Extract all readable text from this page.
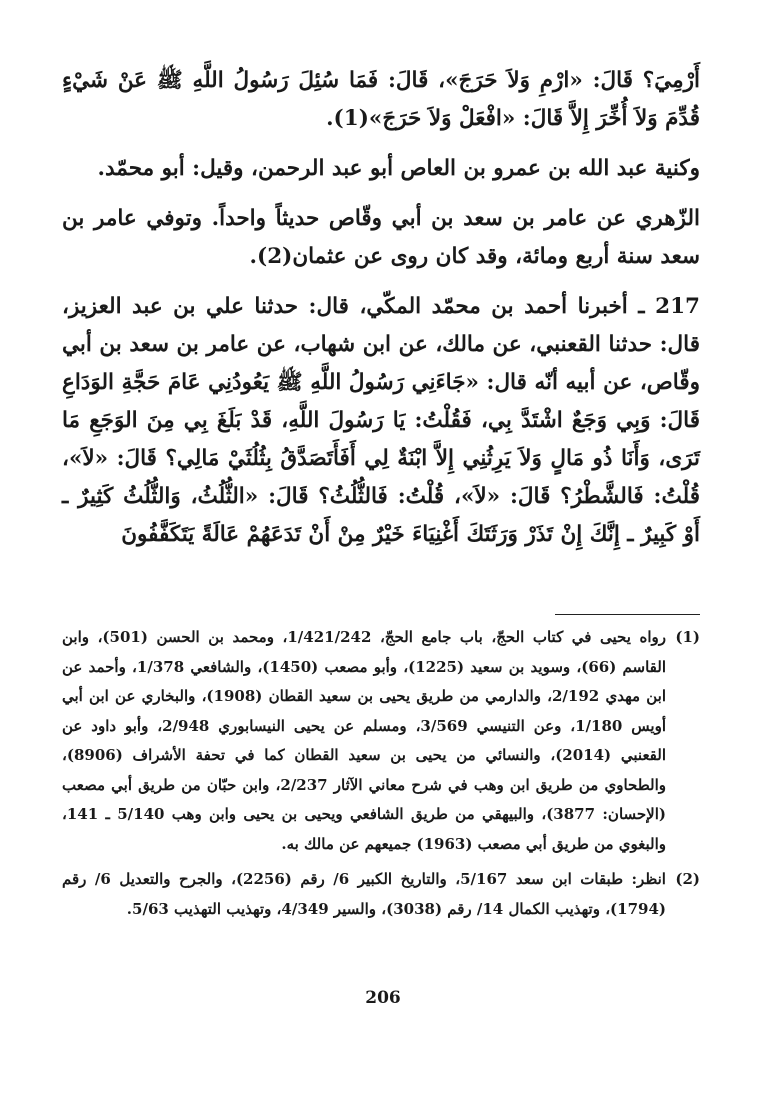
أَرْمِيَ؟ قَالَ: «ارْمِ وَلاَ حَرَجَ»، قَالَ: فَمَا سُئِلَ رَسُولُ اللَّهِ ﷺ عَنْ شَيْءٍ قُدِّمَ وَلاَ أُخِّرَ إِلاَّ قَالَ: «افْعَلْ وَلاَ حَرَجَ»(1).

وكنية عبد الله بن عمرو بن العاص أبو عبد الرحمن، وقيل: أبو محمّد.

الزّهري عن عامر بن سعد بن أبي وقّاص حديثاً واحداً. وتوفي عامر بن سعد سنة أربع ومائة، وقد كان روى عن عثمان(2).

217 ـ أخبرنا أحمد بن محمّد المكّي، قال: حدثنا علي بن عبد العزيز، قال: حدثنا القعنبي، عن مالك، عن ابن شهاب، عن عامر بن سعد بن أبي وقّاص، عن أبيه أنّه قال: «جَاءَنِي رَسُولُ اللَّهِ ﷺ يَعُودُنِي عَامَ حَجَّةِ الوَدَاعِ قَالَ: وَبِي وَجَعٌ اشْتَدَّ بِي، فَقُلْتُ: يَا رَسُولَ اللَّهِ، قَدْ بَلَغَ بِي مِنَ الوَجَعِ مَا تَرَى، وَأَنَا ذُو مَالٍ وَلاَ يَرِثُنِي إِلاَّ ابْنَةٌ لِي أَفَأَتَصَدَّقُ بِثُلُثَيْ مَالِي؟ قَالَ: «لاَ»، قُلْتُ: فَالشَّطْرُ؟ قَالَ: «لاَ»، قُلْتُ: فَالثُّلُثُ؟ قَالَ: «الثُّلُثُ، وَالثُّلُثُ كَثِيرٌ ـ أَوْ كَبِيرٌ ـ إِنَّكَ إِنْ تَذَرْ وَرَثَتَكَ أَغْنِيَاءَ خَيْرٌ مِنْ أَنْ تَدَعَهُمْ عَالَةً يَتَكَفَّفُونَ

(1)
رواه يحيى في كتاب الحجّ، باب جامع الحجّ، 1/421/242، ومحمد بن الحسن (501)، وابن القاسم (66)، وسويد بن سعيد (1225)، وأبو مصعب (1450)، والشافعي 1/378، وأحمد عن ابن مهدي 2/192، والدارمي من طريق يحيى بن سعيد القطان (1908)، والبخاري عن ابن أبي أويس 1/180، وعن التنيسي 3/569، ومسلم عن يحيى النيسابوري 2/948، وأبو داود عن القعنبي (2014)، والنسائي من يحيى بن سعيد القطان كما في تحفة الأشراف (8906)، والطحاوي من طريق ابن وهب في شرح معاني الآثار 2/237، وابن حبّان من طريق أبي مصعب (الإحسان: 3877)، والبيهقي من طريق الشافعي ويحيى بن يحيى وابن وهب 5/140 ـ 141، والبغوي من طريق أبي مصعب (1963) جميعهم عن مالك به.
(2)
انظر: طبقات ابن سعد 5/167، والتاريخ الكبير 6/ رقم (2256)، والجرح والتعديل 6/ رقم (1794)، وتهذيب الكمال 14/ رقم (3038)، والسير 4/349، وتهذيب التهذيب 5/63.
206
